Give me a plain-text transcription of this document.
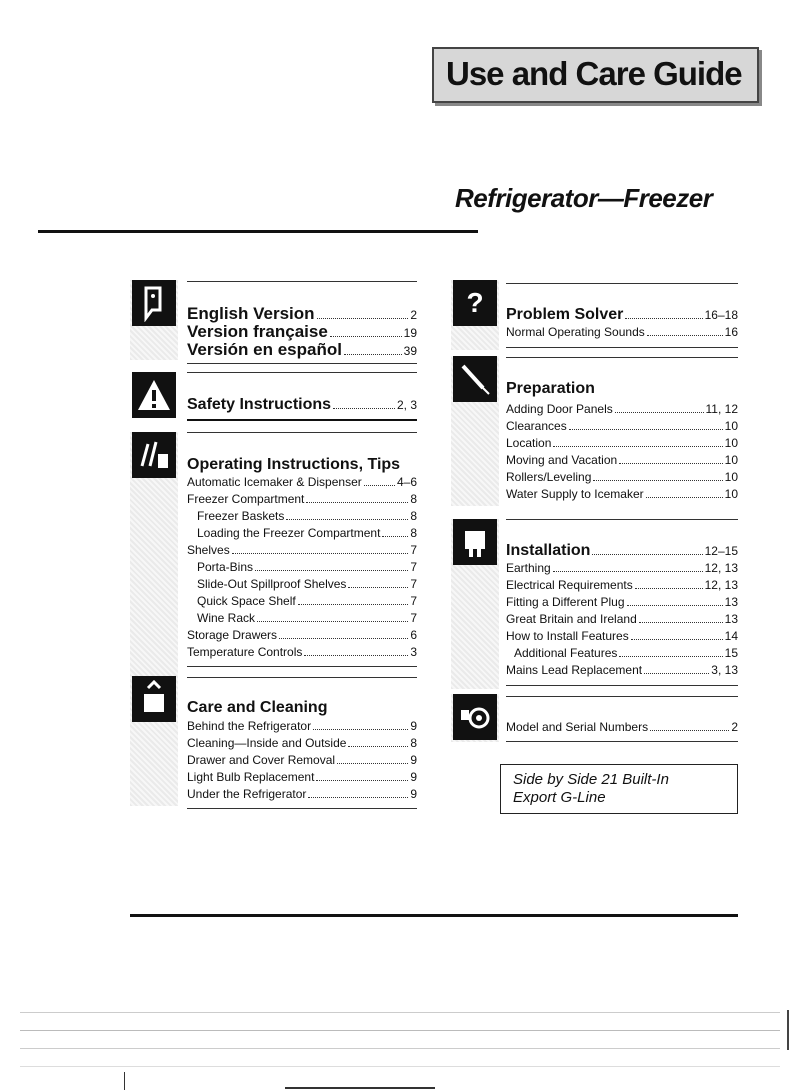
Use and Care Guide
Refrigerator—Freezer
English Version	2
Version française	19
Versión en español	39
Safety Instructions	2, 3
Operating Instructions, Tips
Automatic Icemaker & Dispenser	4–6
Freezer Compartment	8
Freezer Baskets	8
Loading the Freezer Compartment 8
Shelves	7
Porta-Bins	7
Slide-Out Spillproof Shelves	7
Quick Space Shelf	7
Wine Rack	7
Storage Drawers	6
Temperature Controls	3
Care and Cleaning
Behind the Refrigerator	9
Cleaning—Inside and Outside	8
Drawer and Cover Removal	9
Light Bulb Replacement	9
Under the Refrigerator	9
?	Problem Solver	16–18
Normal Operating Sounds	16
Preparation
Adding Door Panels	11, 12
Clearances	10
Location	10
Moving and Vacation	10
Rollers/Leveling	10
Water Supply to Icemaker	10
Installation	12–15
Earthing	12, 13
Electrical Requirements	12, 13
Fitting a Different Plug	13
Great Britain and Ireland	13
How to Install Features	14
Additional Features	15
Mains Lead Replacement	3, 13
Model and Serial Numbers	2
Side by Side 21 Built-In
Export G-Line
